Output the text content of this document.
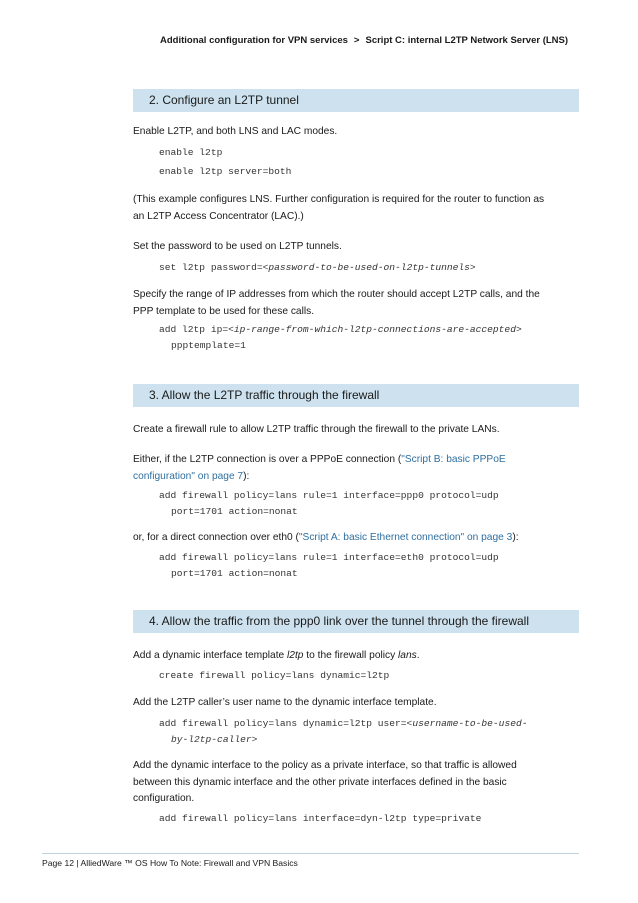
Additional configuration for VPN services > Script C: internal L2TP Network Server (LNS)
2. Configure an L2TP tunnel
Enable L2TP, and both LNS and LAC modes.
enable l2tp
enable l2tp server=both
(This example configures LNS. Further configuration is required for the router to function as
an L2TP Access Concentrator (LAC).)
Set the password to be used on L2TP tunnels.
set l2tp password=<password-to-be-used-on-l2tp-tunnels>
Specify the range of IP addresses from which the router should accept L2TP calls, and the
PPP template to be used for these calls.
add l2tp ip=<ip-range-from-which-l2tp-connections-are-accepted>
ppptemplate=1
3. Allow the L2TP traffic through the firewall
Create a firewall rule to allow L2TP traffic through the firewall to the private LANs.
Either, if the L2TP connection is over a PPPoE connection ("Script B: basic PPPoE
configuration" on page 7):
add firewall policy=lans rule=1 interface=ppp0 protocol=udp
port=1701 action=nonat
or, for a direct connection over eth0 ("Script A: basic Ethernet connection" on page 3):
add firewall policy=lans rule=1 interface=eth0 protocol=udp
port=1701 action=nonat
4. Allow the traffic from the ppp0 link over the tunnel through the firewall
Add a dynamic interface template l2tp to the firewall policy lans.
create firewall policy=lans dynamic=l2tp
Add the L2TP caller’s user name to the dynamic interface template.
add firewall policy=lans dynamic=l2tp user=<username-to-be-used-
by-l2tp-caller>
Add the dynamic interface to the policy as a private interface, so that traffic is allowed
between this dynamic interface and the other private interfaces defined in the basic
configuration.
add firewall policy=lans interface=dyn-l2tp type=private
Page 12 | AlliedWare ™ OS How To Note: Firewall and VPN Basics
